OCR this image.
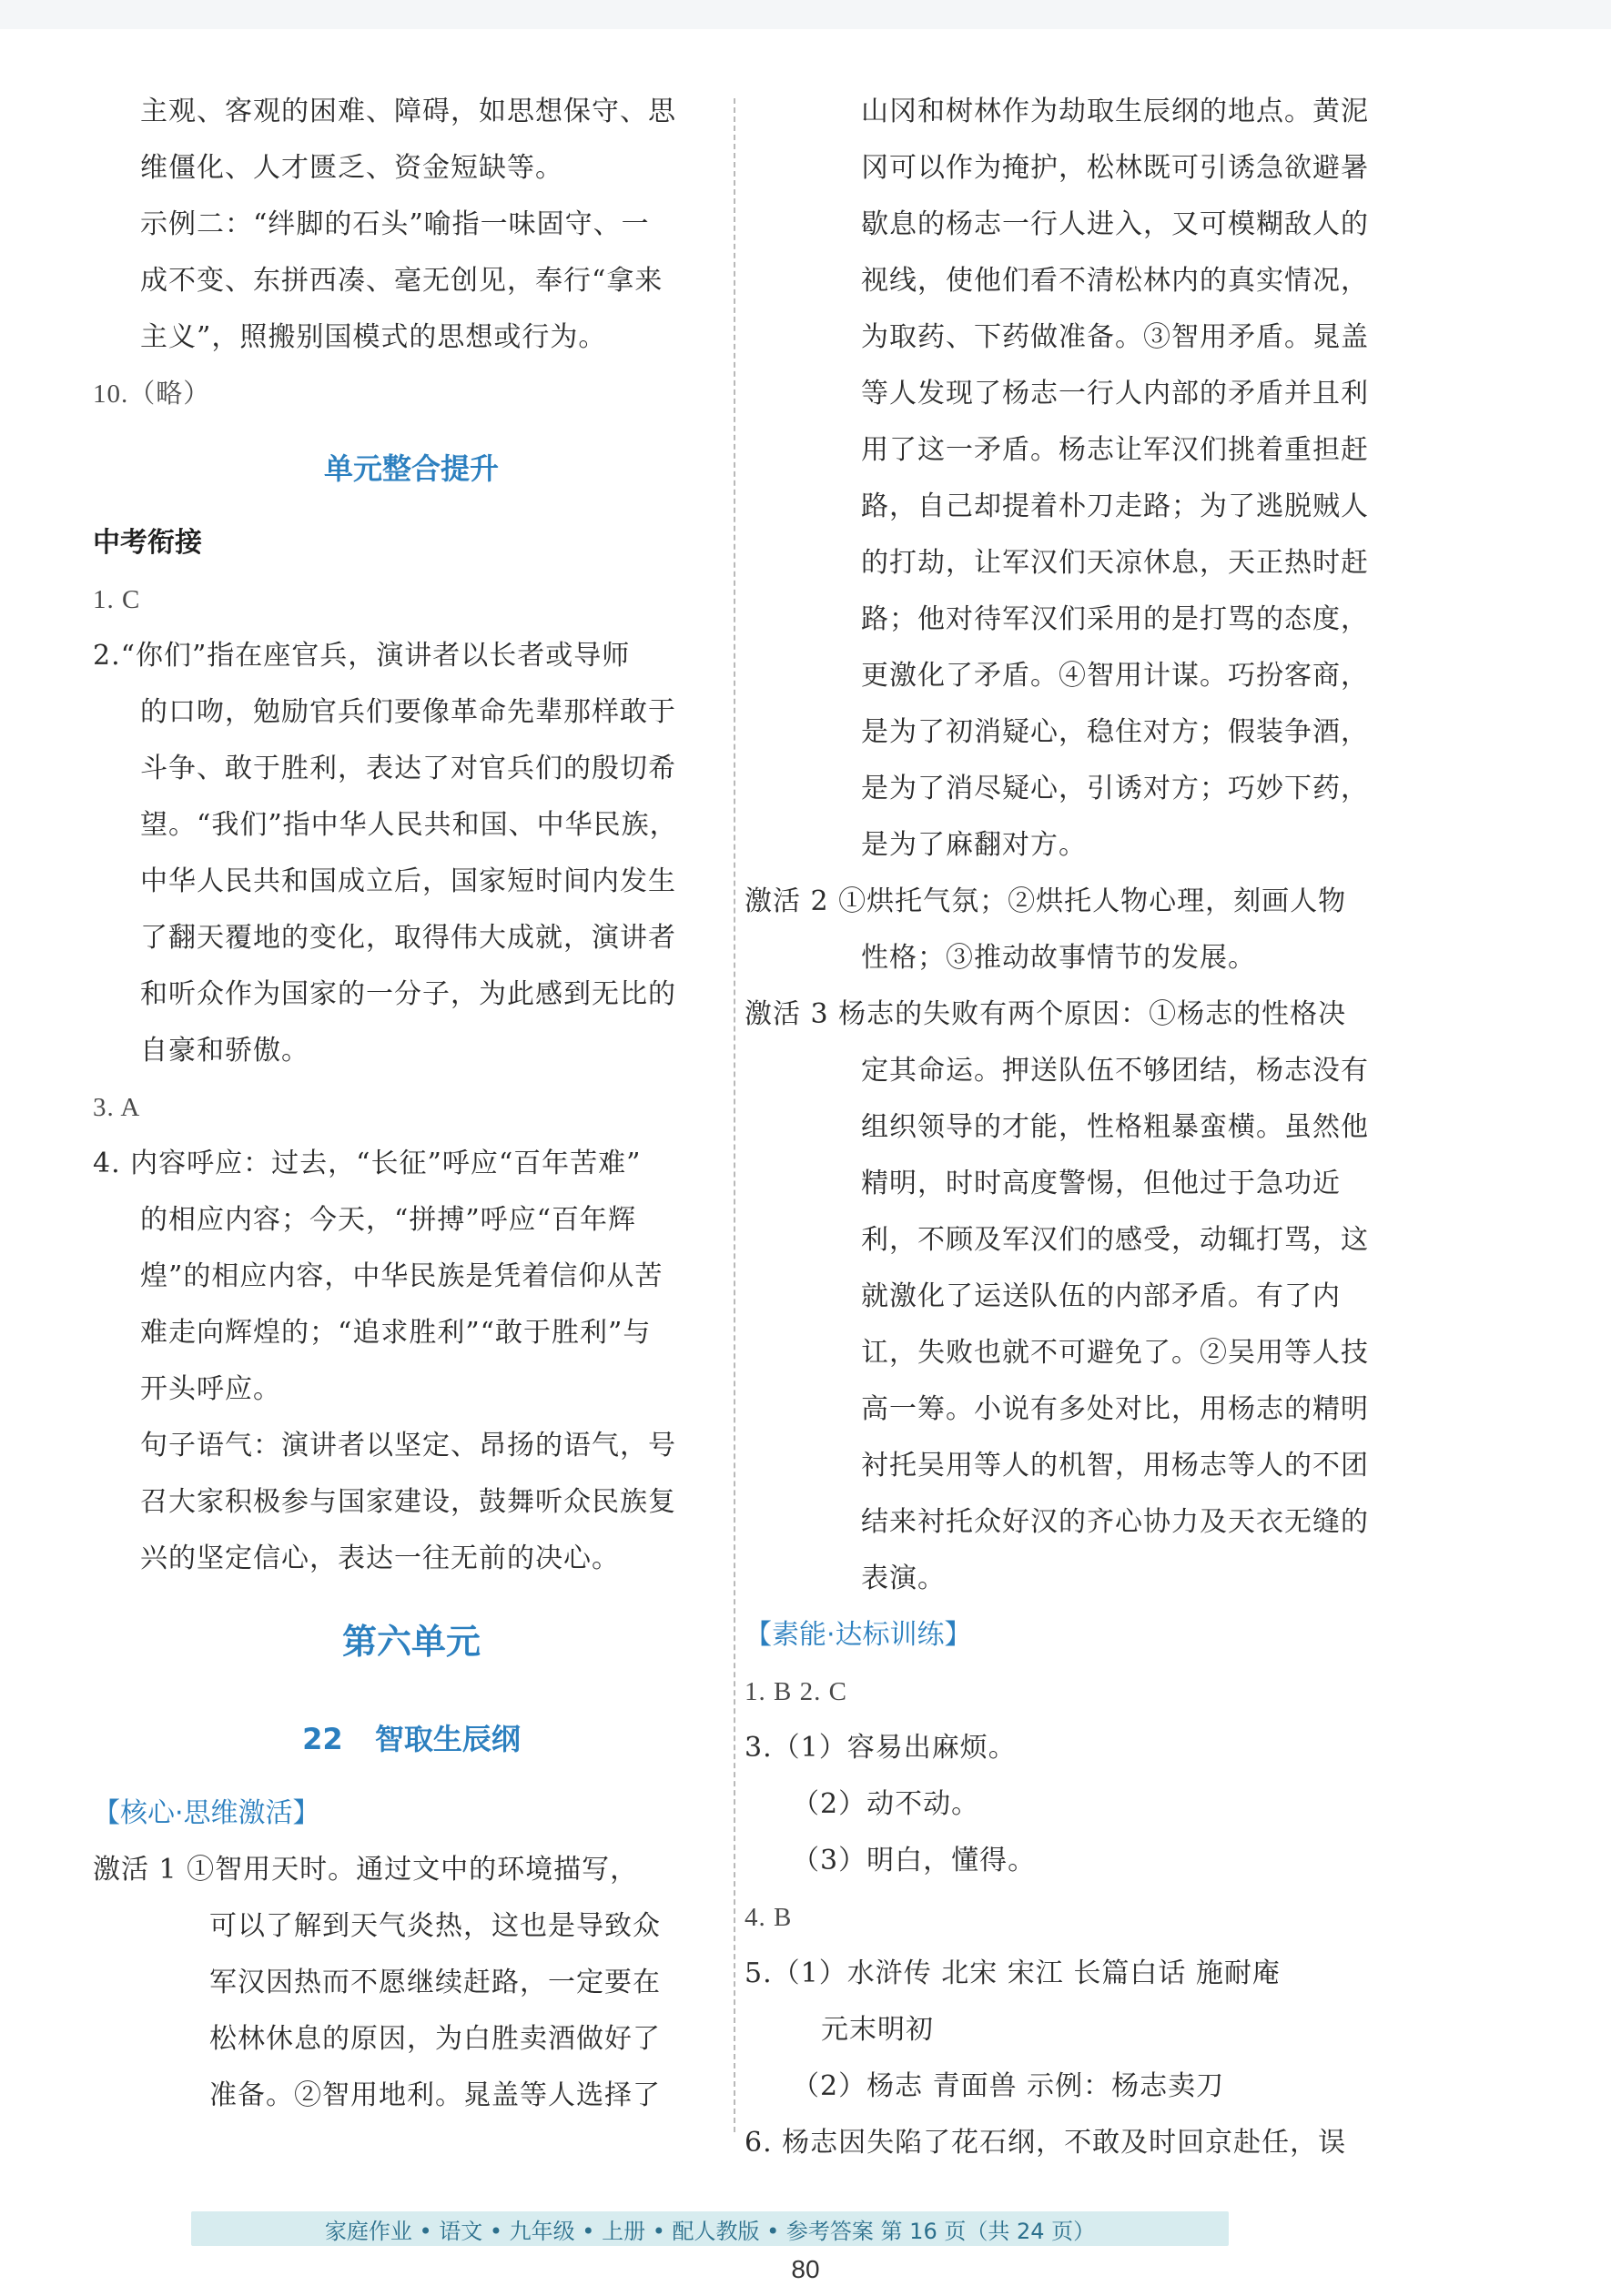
主观、客观的困难、障碍，如思想保守、思

维僵化、人才匮乏、资金短缺等。

示例二：“绊脚的石头”喻指一味固守、一

成不变、东拼西凑、毫无创见，奉行“拿来

主义”，照搬别国模式的思想或行为。

10.（略）

单元整合提升

中考衔接

1. C

2.“你们”指在座官兵，演讲者以长者或导师

的口吻，勉励官兵们要像革命先辈那样敢于

斗争、敢于胜利，表达了对官兵们的殷切希

望。“我们”指中华人民共和国、中华民族，

中华人民共和国成立后，国家短时间内发生

了翻天覆地的变化，取得伟大成就，演讲者

和听众作为国家的一分子，为此感到无比的

自豪和骄傲。

3. A

4. 内容呼应：过去，“长征”呼应“百年苦难”

的相应内容；今天，“拼搏”呼应“百年辉

煌”的相应内容，中华民族是凭着信仰从苦

难走向辉煌的；“追求胜利”“敢于胜利”与

开头呼应。

句子语气：演讲者以坚定、昂扬的语气，号

召大家积极参与国家建设，鼓舞听众民族复

兴的坚定信心，表达一往无前的决心。

第六单元

22 智取生辰纲

【核心·思维激活】

激活 1 ①智用天时。通过文中的环境描写，

可以了解到天气炎热，这也是导致众

军汉因热而不愿继续赶路，一定要在

松林休息的原因，为白胜卖酒做好了

准备。②智用地利。晁盖等人选择了

山冈和树林作为劫取生辰纲的地点。黄泥

冈可以作为掩护，松林既可引诱急欲避暑

歇息的杨志一行人进入，又可模糊敌人的

视线，使他们看不清松林内的真实情况，

为取药、下药做准备。③智用矛盾。晁盖

等人发现了杨志一行人内部的矛盾并且利

用了这一矛盾。杨志让军汉们挑着重担赶

路，自己却提着朴刀走路；为了逃脱贼人

的打劫，让军汉们天凉休息，天正热时赶

路；他对待军汉们采用的是打骂的态度，

更激化了矛盾。④智用计谋。巧扮客商，

是为了初消疑心，稳住对方；假装争酒，

是为了消尽疑心，引诱对方；巧妙下药，

是为了麻翻对方。

激活 2 ①烘托气氛；②烘托人物心理，刻画人物

性格；③推动故事情节的发展。

激活 3 杨志的失败有两个原因：①杨志的性格决

定其命运。押送队伍不够团结，杨志没有

组织领导的才能，性格粗暴蛮横。虽然他

精明，时时高度警惕，但他过于急功近

利，不顾及军汉们的感受，动辄打骂，这

就激化了运送队伍的内部矛盾。有了内

讧，失败也就不可避免了。②吴用等人技

高一筹。小说有多处对比，用杨志的精明

衬托吴用等人的机智，用杨志等人的不团

结来衬托众好汉的齐心协力及天衣无缝的

表演。

【素能·达标训练】

1. B 2. C

3.（1）容易出麻烦。

（2）动不动。

（3）明白，懂得。

4. B

5.（1）水浒传 北宋 宋江 长篇白话 施耐庵

元末明初

（2）杨志 青面兽 示例：杨志卖刀

6. 杨志因失陷了花石纲，不敢及时回京赴任，误

家庭作业 • 语文 • 九年级 • 上册 • 配人教版 • 参考答案 第 16 页（共 24 页）
80
